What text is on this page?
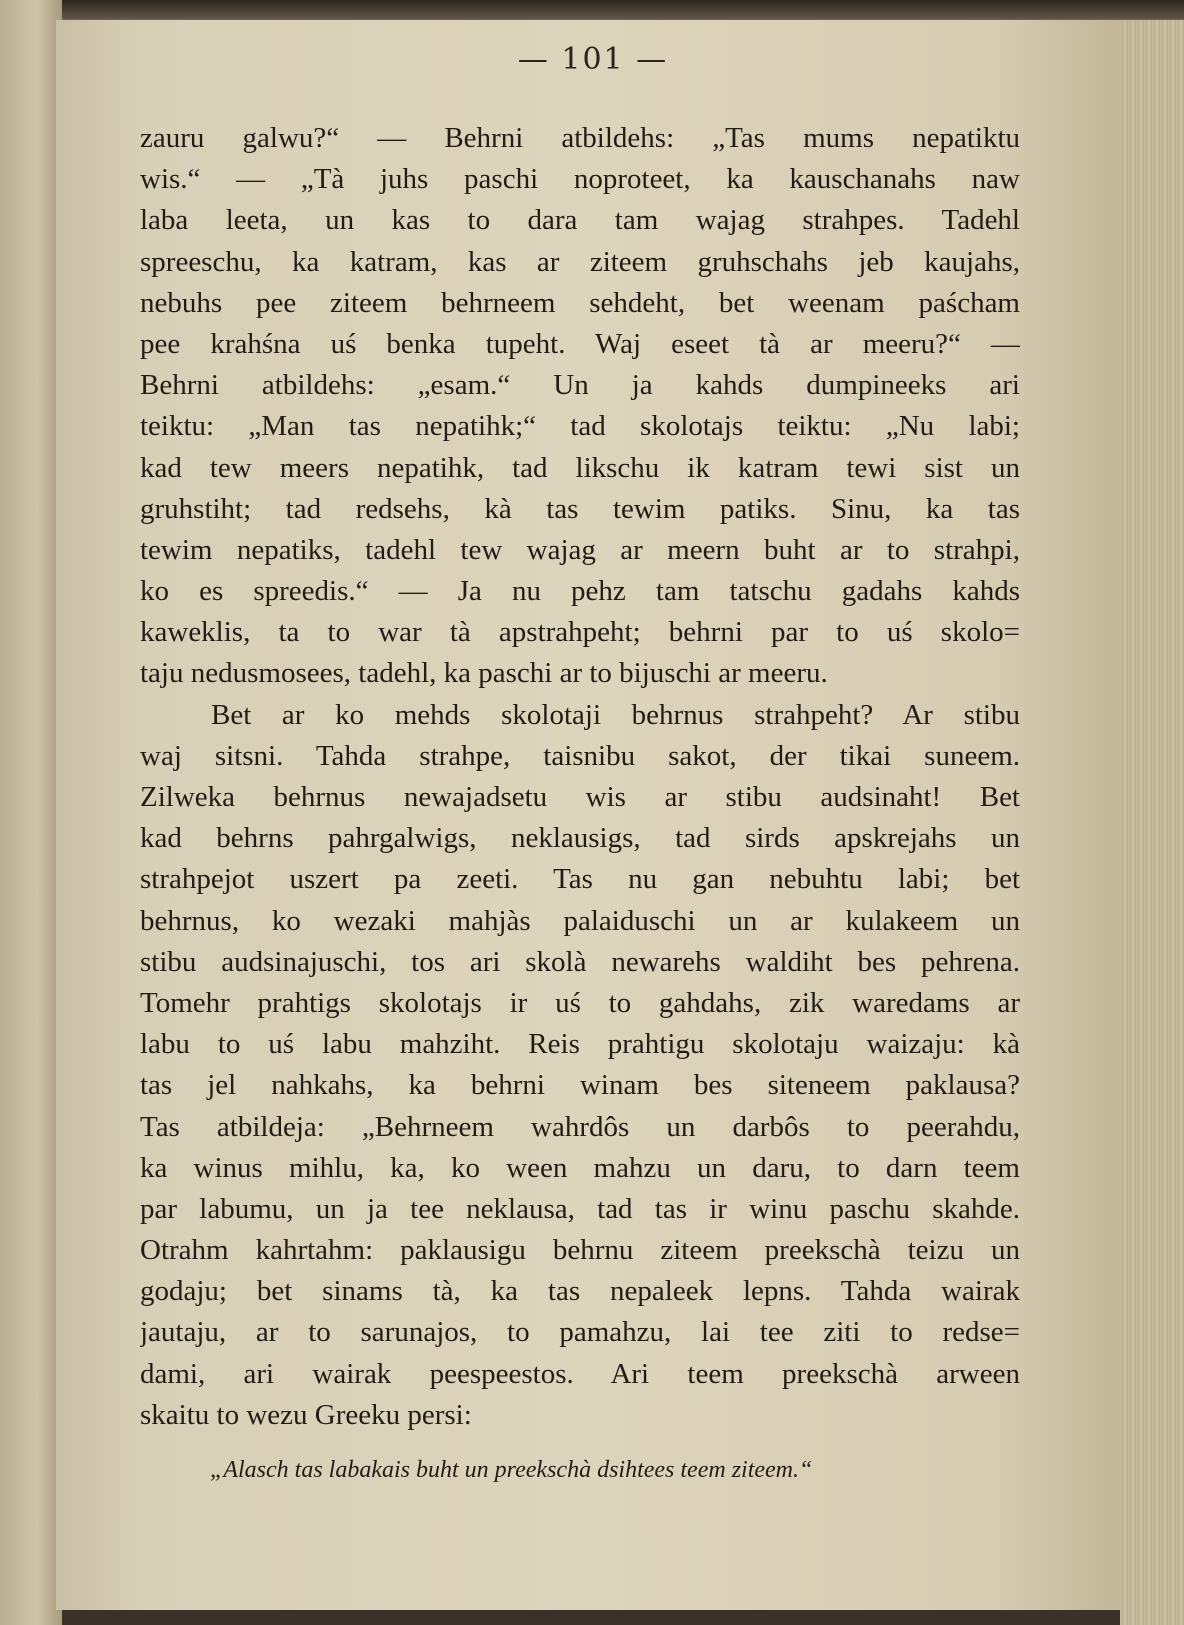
— 101 —
zauru galwu?“ — Behrni atbildehs: „Tas mums nepatiktu
wis.“ — „Tà juhs paschi noproteet, ka kauschanahs naw
laba leeta, un kas to dara tam wajag strahpes. Tadehl
spreeschu, ka katram, kas ar ziteem gruhschahs jeb kaujahs,
nebuhs pee ziteem behrneem sehdeht, bet weenam paścham
pee krahśna uś benka tupeht. Waj eseet tà ar meeru?“ —
Behrni atbildehs: „esam.“ Un ja kahds dumpineeks ari
teiktu: „Man tas nepatihk;“ tad skolotajs teiktu: „Nu labi;
kad tew meers nepatihk, tad likschu ik katram tewi sist un
gruhstiht; tad redsehs, kà tas tewim patiks. Sinu, ka tas
tewim nepatiks, tadehl tew wajag ar meern buht ar to strahpi,
ko es spreedis.“ — Ja nu pehz tam tatschu gadahs kahds
kaweklis, ta to war tà apstrahpeht; behrni par to uś skolo=
taju nedusmosees, tadehl, ka paschi ar to bijuschi ar meeru.
Bet ar ko mehds skolotaji behrnus strahpeht? Ar stibu
waj sitsni. Tahda strahpe, taisnibu sakot, der tikai suneem.
Zilweka behrnus newajadsetu wis ar stibu audsinaht! Bet
kad behrns pahrgalwigs, neklausigs, tad sirds apskrejahs un
strahpejot uszert pa zeeti. Tas nu gan nebuhtu labi; bet
behrnus, ko wezaki mahjàs palaiduschi un ar kulakeem un
stibu audsinajuschi, tos ari skolà newarehs waldiht bes pehrena.
Tomehr prahtigs skolotajs ir uś to gahdahs, zik waredams ar
labu to uś labu mahziht. Reis prahtigu skolotaju waizaju: kà
tas jel nahkahs, ka behrni winam bes siteneem paklausa?
Tas atbildeja: „Behrneem wahrdôs un darbôs to peerahdu,
ka winus mihlu, ka, ko ween mahzu un daru, to darn teem
par labumu, un ja tee neklausa, tad tas ir winu paschu skahde.
Otrahm kahrtahm: paklausigu behrnu ziteem preekschà teizu un
godaju; bet sinams tà, ka tas nepaleek lepns. Tahda wairak
jautaju, ar to sarunajos, to pamahzu, lai tee ziti to redse=
dami, ari wairak peespeestos. Ari teem preekschà arween
skaitu to wezu Greeku persi:
„Alasch tas labakais buht un preekschà dsihtees teem ziteem.“
